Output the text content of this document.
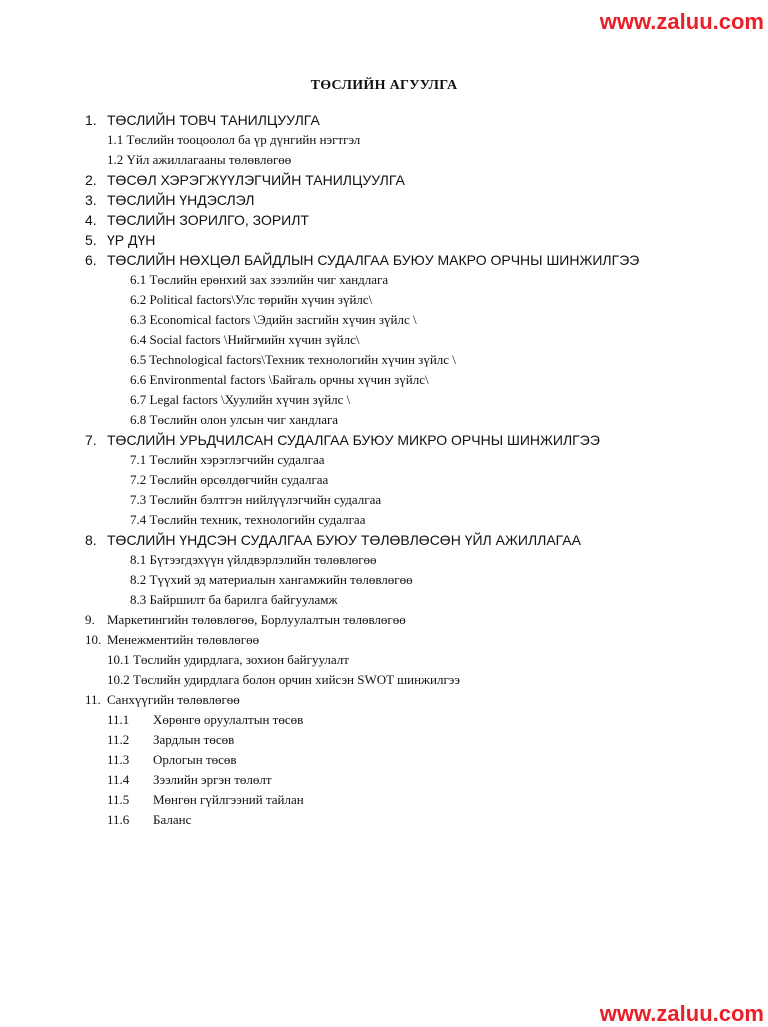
www.zaluu.com
ТӨСЛИЙН АГУУЛГА
1. ТӨСЛИЙН ТОВЧ ТАНИЛЦУУЛГА
1.1 Төслийн тооцоолол ба үр дүнгийн нэгтгэл
1.2 Үйл ажиллагааны төлөвлөгөө
2. ТӨСӨЛ ХЭРЭГЖҮҮЛЭГЧИЙН ТАНИЛЦУУЛГА
3. ТӨСЛИЙН ҮНДЭСЛЭЛ
4. ТӨСЛИЙН ЗОРИЛГО, ЗОРИЛТ
5. ҮР ДҮН
6. ТӨСЛИЙН НӨХЦӨЛ БАЙДЛЫН СУДАЛГАА БУЮУ МАКРО ОРЧНЫ ШИНЖИЛГЭЭ
6.1 Төслийн ерөнхий зах зээлийн чиг хандлага
6.2 Political factors\Улс төрийн хүчин зүйлс\
6.3 Economical factors \Эдийн засгийн хүчин зүйлс \
6.4 Social factors \Нийгмийн хүчин зүйлс\
6.5 Technological factors\Техник технологийн хүчин зүйлс \
6.6 Environmental factors \Байгаль орчны хүчин зүйлс\
6.7 Legal factors \Хуулийн хүчин зүйлс \
6.8 Төслийн олон улсын чиг хандлага
7. ТӨСЛИЙН УРЬДЧИЛСАН СУДАЛГАА БУЮУ МИКРО ОРЧНЫ ШИНЖИЛГЭЭ
7.1 Төслийн хэрэглэгчийн судалгаа
7.2 Төслийн өрсөлдөгчийн судалгаа
7.3 Төслийн бэлтгэн нийлүүлэгчийн судалгаа
7.4 Төслийн техник, технологийн судалгаа
8. ТӨСЛИЙН ҮНДСЭН СУДАЛГАА БУЮУ ТӨЛӨВЛӨСӨН ҮЙЛ АЖИЛЛАГАА
8.1 Бүтээгдэхүүн үйлдвэрлэлийн төлөвлөгөө
8.2 Түүхий эд материалын хангамжийн төлөвлөгөө
8.3 Байршилт ба барилга байгууламж
9. Маркетингийн төлөвлөгөө, Борлуулалтын төлөвлөгөө
10. Менежментийн төлөвлөгөө
10.1 Төслийн удирдлага, зохион байгуулалт
10.2 Төслийн удирдлага болон орчин хийсэн SWOT шинжилгээ
11. Санхүүгийн төлөвлөгөө
11.1 Хөрөнгө оруулалтын төсөв
11.2 Зардлын төсөв
11.3 Орлогын төсөв
11.4 Зээлийн эргэн төлөлт
11.5 Мөнгөн гүйлгээний тайлан
11.6 Баланс
www.zaluu.com
